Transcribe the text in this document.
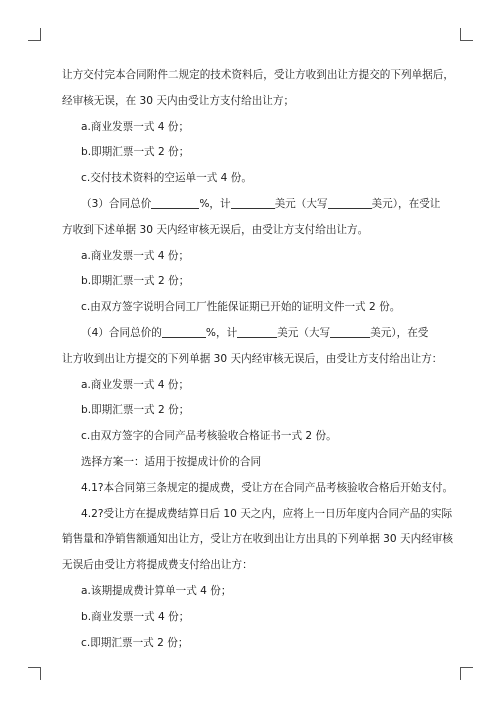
让方交付完本合同附件二规定的技术资料后，受让方收到出让方提交的下列单据后，
经审核无误，在 30 天内由受让方支付给出让方；
a.商业发票一式 4 份；
b.即期汇票一式 2 份；
c.交付技术资料的空运单一式 4 份。
（3）合同总价	%，计	美元（大写	美元），在受让
方收到下述单据 30 天内经审核无误后，由受让方支付给出让方。
a.商业发票一式 4 份；
b.即期汇票一式 2 份；
c.由双方签字说明合同工厂性能保证期已开始的证明文件一式 2 份。
（4）合同总价的	%，计	美元（大写	美元），在受
让方收到出让方提交的下列单据 30 天内经审核无误后，由受让方支付给出让方：
a.商业发票一式 4 份；
b.即期汇票一式 2 份；
c.由双方签字的合同产品考核验收合格证书一式 2 份。
选择方案一：适用于按提成计价的合同
4.1?本合同第三条规定的提成费，受让方在合同产品考核验收合格后开始支付。
4.2?受让方在提成费结算日后 10 天之内，应将上一日历年度内合同产品的实际
销售量和净销售额通知出让方，受让方在收到出让方出具的下列单据 30 天内经审核
无误后由受让方将提成费支付给出让方：
a.该期提成费计算单一式 4 份；
b.商业发票一式 4 份；
c.即期汇票一式 2 份；
